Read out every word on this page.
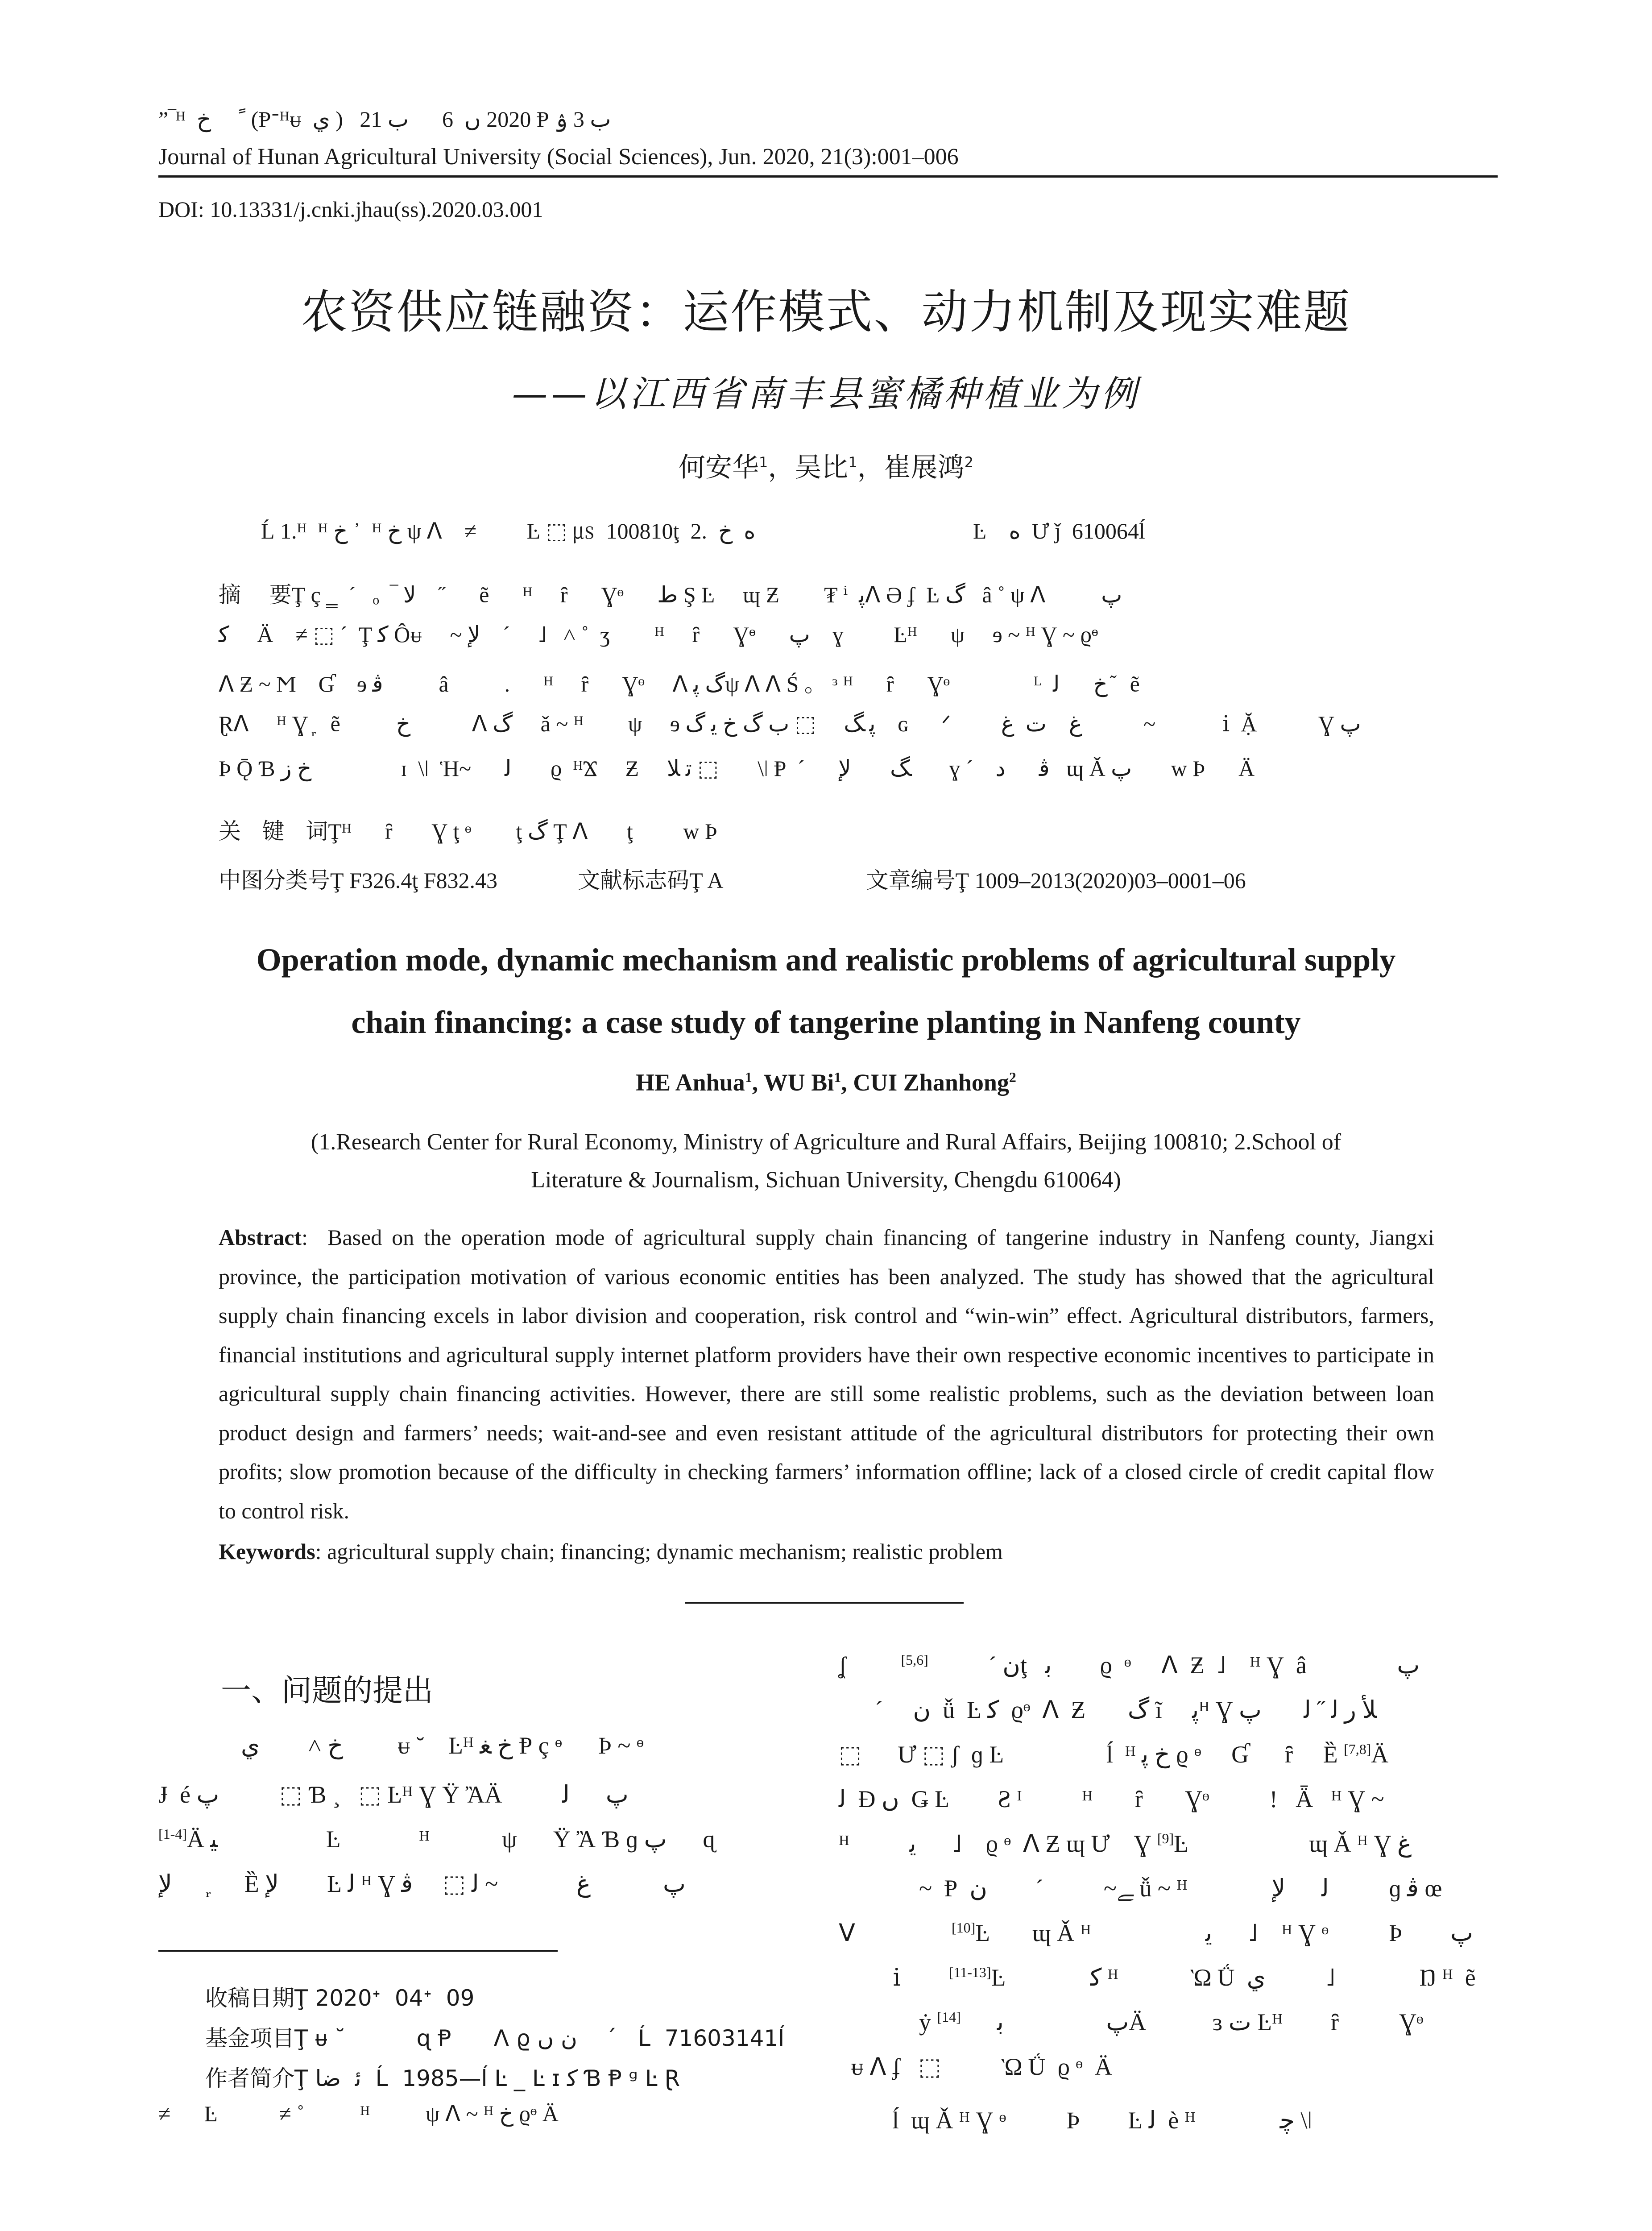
”‾ᴴ  خ      ً (Ᵽᐨᴴᵾ  ي )   2020 ں  6      ب 21 Ᵽ ب 3 ۉ
Journal of Hunan Agricultural University (Social Sciences), Jun. 2020, 21(3):001–006
DOI: 10.13331/j.cnki.jhau(ss).2020.03.001
农资供应链融资：运作模式、动力机制及现实难题
——以江西省南丰县蜜橘种植业为例
何安华$^1$，吴比$^1$，崔展鸿$^2$
Ĺ 1.ᴴ  ᴴ خ ᾿  ᴴ خ ψ ᐱ    ≠         Ŀ ⬚ ㎲  100810ţ  2.  ﻩ  ﺥ                                       Ŀ    ﻩ  Ư ǰ  610064ĺ
摘    要Ţ ç ‗  ´   ₒ  ‾ ﻻ    ˝      ẽ      ᴴ     ȓ      Ɣᶱ      ﻁ Ş Ŀ     ɰ Ƶ        ₮ ⁱ  ﭘᐱ Ә ʄ  Ŀ ﮒ   â ˚ ψ ᐱ          ﭖ
ﮐ     Ä    ≠ ⬚ ´  Ţ ﻛ Ôᵾ     ~ ﻹ    ´     ˩   ˄ ˚  ʒ        ᴴ     ȓ      Ɣᶱ      ﭖ    ɣ         Ŀᴴ      ψ     ɘ ~ ᴴ Ɣ ~ ϱᶱ
ᐱ Ƶ ~ Ϻ    Ɠ    ɘ ﭬ          â          .      ᴴ     ȓ      Ɣᶱ     ᐱ ﮒ ﭘψ ᐱ ᐱ Ś 。 ᵌ ᴴ      ȓ      Ɣᶱ               ᴸ  خ      ﻟ  ᷉  ẽ
Ɽᐱ     ᴴ Ɣ ᷊   ẽ          خ           ᐱ ﮒ     ǎ ~ ᴴ        ψ     ɘ ﭘ ﮓ     ⬚ ﺏ ﮒ ﺥ ﻳ ﮒ    ɢ      ᐟ         ﻍ    ﺕ  ﻍ           ~            ⅰ  Ặ           Ɣ ﭖ
Þ Ǭ Ɓ ﺥ ﺯ                ɪ  \ǀ  Ἡ~      ﻟ       ϱ  ᴴϪ     Ƶ     ﺗ ﻼ ⬚       \ǀ Ᵽ  ´      ﮓ       ﻹ       ɣ ´    ﭬ      ﺩ   ɰ Ǎ ﭖ       ᴡ Þ      Ä
关   键   词Ţᴴ      ȓ       Ɣ ţ ᶱ        ţ ﮒ Ţ ᐱ       ţ         ᴡ Þ
中图分类号Ţ F326.4ţ F832.43	文献标志码Ţ A	文章编号Ţ 1009–2013(2020)03–0001–06
Operation mode, dynamic mechanism and realistic problems of agricultural supply
chain financing: a case study of tangerine planting in Nanfeng county
HE Anhua$^1$, WU Bi$^1$, CUI Zhanhong$^2$
(1.Research Center for Rural Economy, Ministry of Agriculture and Rural Affairs, Beijing 100810; 2.School of
Literature & Journalism, Sichuan University, Chengdu 610064)
Abstract:  Based on the operation mode of agricultural supply chain financing of tangerine industry in Nanfeng county, Jiangxi province, the participation motivation of various economic entities has been analyzed. The study has showed that the agricultural supply chain financing excels in labor division and cooperation, risk control and “win-win” effect. Agricultural distributors, farmers, financial institutions and agricultural supply internet platform providers have their own respective economic incentives to participate in agricultural supply chain financing activities. However, there are still some realistic problems, such as the deviation between loan product design and farmers’ needs; wait-and-see and even resistant attitude of the agricultural distributors for protecting their own profits; slow promotion because of the difficulty in checking farmers’ information offline; lack of a closed circle of credit capital flow to control risk.
Keywords: agricultural supply chain; financing; dynamic mechanism; realistic problem
一、问题的提出
خ ˄        ي         ᵾ ˘    Ŀᴴ خ ﻐ Ᵽ ç ᶱ      Þ ~ ᶱ
Ɉ  é ﭖ          ⬚ Ɓ ¸   ⬚ Ŀᴴ Ɣ Ÿ ἊÄ          ﭖ      ﻟ
[1-4]Ä ﯿ                  Ŀ             ᴴ            ψ      Ÿ Ἂ Ɓ ɡ ﭖ      ɋ
ﻹ       ᷊     Ȅ ﻹ        Ŀ ﻟ ᴴ Ɣ ﭖ            ﻍ             ~ ﻟ ⬚     ﭬ
收稿日期Ţ 2020ᐩ  04ᐩ  09
基金项目Ţ ᵾ ˘          ɋ Ᵽ      ᐱ ϱ ﻥ ں    ´   Ĺ  71603141ĺ
作者简介Ţ ﺋ  ﺿﺎ  Ĺ  1985—ĺ Ŀ _ Ŀ ɪ ﮐ Ɓ Ᵽ ᵍ Ŀ Ɽ
≠      Ŀ           ≠ ˚          ᴴ          ψ ᐱ ~ ᴴ خ ϱᶱ Ä
ʆ         ﻥ ´          [5,6]	ţ   ﺑ        ϱ  ᶱ     ᐱ  Ƶ  ˩    ᴴ Ɣ  â               ﭖ
´     ﻥ  ǚ  Ŀ ﮐ  ϱᶱ  ᐱ  Ƶ       ﮒ ĩ     ﭘᴴ Ɣ ﻸ ﺭ ﻟ ˝ ﻟ       ﭖ
⬚      Ư ⬚ ʃ  ɡ Ŀ                 ĺ  ᴴ خ ﭘ ϱ ᶱ     Ɠ      ȓ     Ȅ [7,8]Ä
ﻟ  Ɖ ں  Ǥ Ŀ        Ƨ ᴵ          ᴴ       ȓ       Ɣᶱ          ǃ   Ǟ   ᴴ Ɣ ~
ᴴ          ﻳ      ˩    ϱ ᶱ  ᐱ Ƶ ɰ Ư    Ɣ [9]Ŀ                    ɰ Ǎ ᴴ Ɣ ﻍ
~  Ᵽ  ﮯ~          ´        ﻥ ǚ ~ ᴴ              ﻟ      ﻹ          ɡ ﭬ œ
ᐯ                [10]Ŀ       ɰ Ǎ ᴴ                   ﻳ      ˩    ᴴ Ɣ ᶱ          Þ        ﭖ
ⅰ        [11-13]Ŀ              ﮐ ᴴ            Ὼ Ǘ  ﻱ          ˩              Ŋ ᴴ  ẽ
ẏ ﭖ                 ﺑ      [14]	Ä           ɜ ﺕ Ŀᴴ        ȓ          Ɣᶱ
ᵾ ᐱ ʄ   ⬚          Ὼ Ǘ  ϱ ᶱ  Ä
ĺ  ɰ Ǎ ᴴ Ɣ ᶱ          Þ        Ŀ ﻟ  è ᴴ              ﭼ \ǀ
